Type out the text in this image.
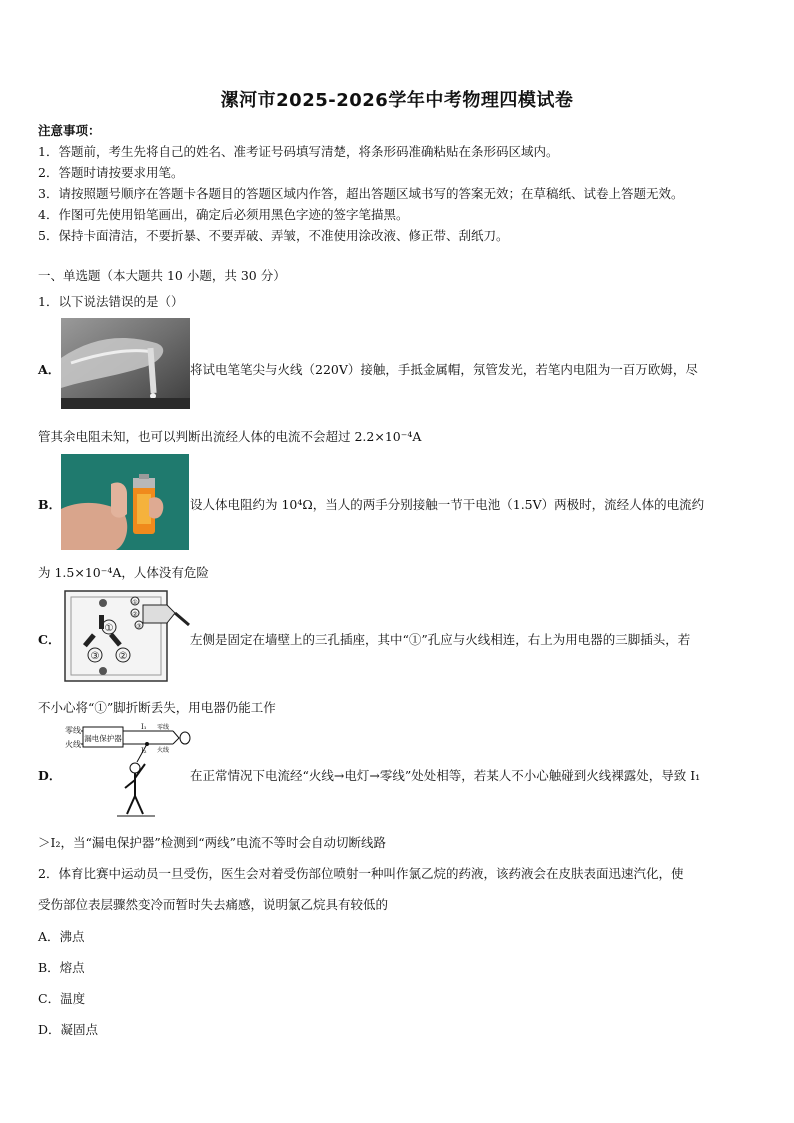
漯河市2025-2026学年中考物理四模试卷
注意事项：
1．答题前，考生先将自己的姓名、准考证号码填写清楚，将条形码准确粘贴在条形码区域内。
2．答题时请按要求用笔。
3．请按照题号顺序在答题卡各题目的答题区域内作答，超出答题区域书写的答案无效；在草稿纸、试卷上答题无效。
4．作图可先使用铅笔画出，确定后必须用黑色字迹的签字笔描黑。
5．保持卡面清洁，不要折暴、不要弄破、弄皱，不准使用涂改液、修正带、刮纸刀。
一、单选题（本大题共 10 小题，共 30 分）
1．以下说法错误的是（）
A．	将试电笔笔尖与火线（220V）接触，手抵金属帽，氖管发光，若笔内电阻为一百万欧姆，尽
管其余电阻未知，也可以判断出流经人体的电流不会超过 2.2×10⁻⁴A
B．	设人体电阻约为 10⁴Ω，当人的两手分别接触一节干电池（1.5V）两极时，流经人体的电流约
为 1.5×10⁻⁴A，人体没有危险
C．
①
②
③
①
②
③
左侧是固定在墙壁上的三孔插座，其中“①”孔应与火线相连，右上为用电器的三脚插头，若
不小心将“①”脚折断丢失，用电器仍能工作
D．
零线
火线
漏电保护器
I₁
I₂
零线
火线
在正常情况下电流经“火线→电灯→零线”处处相等，若某人不小心触碰到火线裸露处，导致 I₁
＞I₂，当“漏电保护器”检测到“两线”电流不等时会自动切断线路
2．体育比赛中运动员一旦受伤，医生会对着受伤部位喷射一种叫作氯乙烷的药液，该药液会在皮肤表面迅速汽化，使
受伤部位表层骤然变冷而暂时失去痛感，说明氯乙烷具有较低的
A．沸点
B．熔点
C．温度
D．凝固点
